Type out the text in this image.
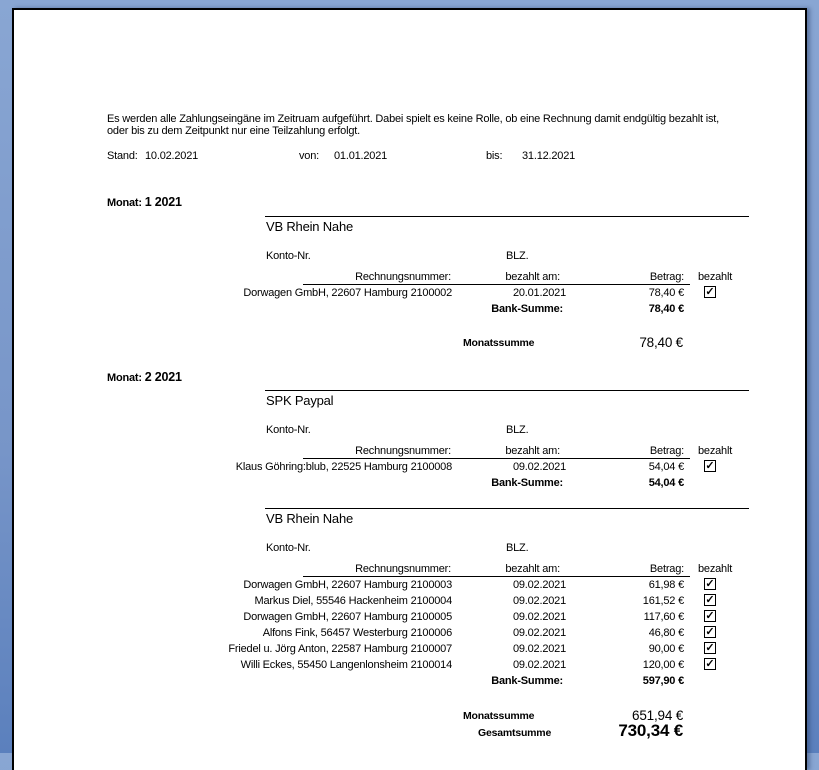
Es werden alle Zahlungseingäne im Zeitruam aufgeführt. Dabei spielt es keine Rolle, ob eine Rechnung damit endgültig bezahlt ist,
oder bis zu dem Zeitpunkt nur eine Teilzahlung erfolgt.
Stand: 10.02.2021	von: 01.01.2021	bis: 31.12.2021
Monat: 1 2021
VB Rhein Nahe
Konto-Nr.	BLZ.
Rechnungsnummer:	bezahlt am:	Betrag: bezahlt
Dorwagen GmbH, 22607 Hamburg 2100002	20.01.2021	78,40 € ✓
Bank-Summe:	78,40 €
Monatssumme	78,40 €
Monat: 2 2021
SPK Paypal
Konto-Nr.	BLZ.
Rechnungsnummer:	bezahlt am:	Betrag: bezahlt
Klaus Göhring:blub, 22525 Hamburg 2100008	09.02.2021	54,04 € ✓
Bank-Summe:	54,04 €
VB Rhein Nahe
Konto-Nr.	BLZ.
Rechnungsnummer:	bezahlt am:	Betrag: bezahlt
Dorwagen GmbH, 22607 Hamburg 2100003	09.02.2021	61,98 € ✓
Markus Diel, 55546 Hackenheim 2100004	09.02.2021	161,52 € ✓
Dorwagen GmbH, 22607 Hamburg 2100005	09.02.2021	117,60 € ✓
Alfons Fink, 56457 Westerburg 2100006	09.02.2021	46,80 € ✓
Friedel u. Jörg Anton, 22587 Hamburg 2100007	09.02.2021	90,00 € ✓
Willi Eckes, 55450 Langenlonsheim 2100014	09.02.2021	120,00 € ✓
Bank-Summe:	597,90 €
Monatssumme	651,94 €
Gesamtsumme	730,34 €
